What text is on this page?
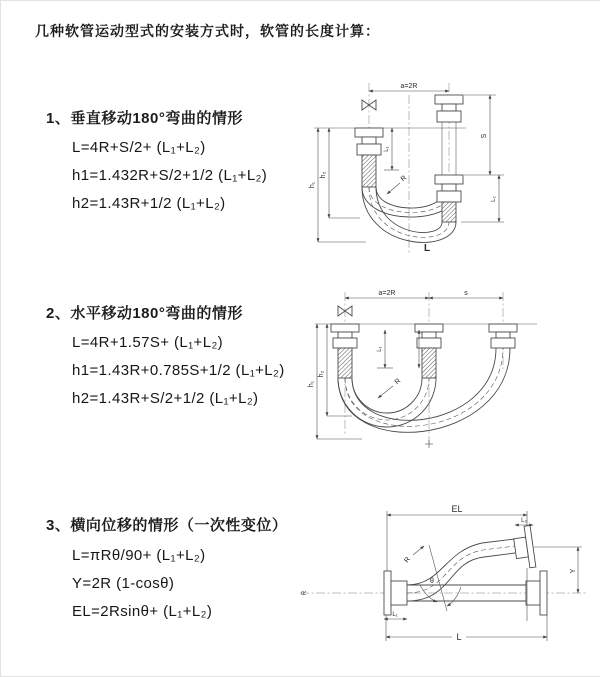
几种软管运动型式的安装方式时，软管的长度计算：
1、垂直移动180°弯曲的情形
L=4R+S/2+ (L₁+L₂)
h1=1.432R+S/2+1/2 (L₁+L₂)
h2=1.43R+1/2 (L₁+L₂)
2、水平移动180°弯曲的情形
L=4R+1.57S+ (L₁+L₂)
h1=1.43R+0.785S+1/2 (L₁+L₂)
h2=1.43R+S/2+1/2 (L₁+L₂)
3、横向位移的情形（一次性变位）
L=πRθ/90+ (L₁+L₂)
Y=2R (1-cosθ)
EL=2Rsinθ+ (L₁+L₂)
a=2R
h₁
h₂
L₁
S
L₂
R
L
a=2R	s
h₁
h₂
L₁
R
EL
L₂
Y
L
L₁
R
θ
R
